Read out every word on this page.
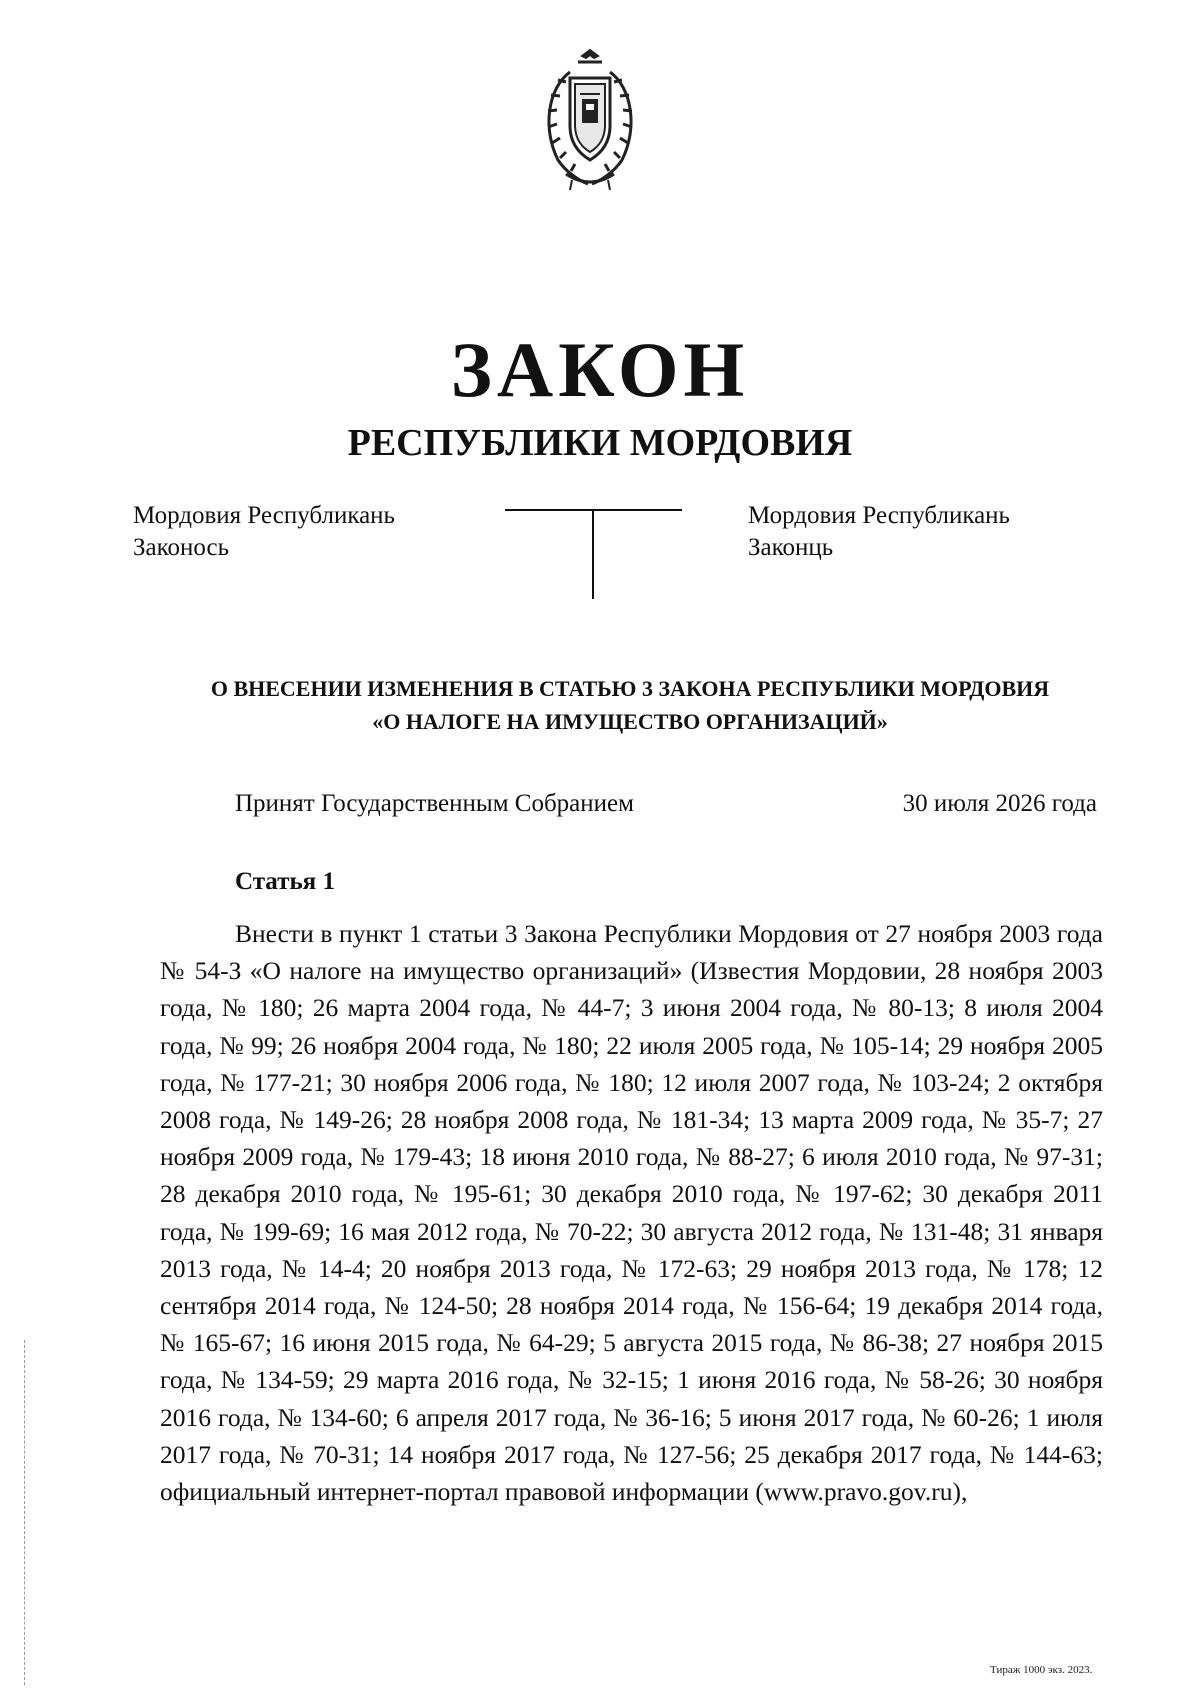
ЗАКОН
РЕСПУБЛИКИ МОРДОВИЯ
Мордовия Республикань
Законось
Мордовия Республикань
Законць
О ВНЕСЕНИИ ИЗМЕНЕНИЯ В СТАТЬЮ 3 ЗАКОНА РЕСПУБЛИКИ МОРДОВИЯ
«О НАЛОГЕ НА ИМУЩЕСТВО ОРГАНИЗАЦИЙ»
Принят Государственным Собранием	30 июля 2026 года
Статья 1
Внести в пункт 1 статьи 3 Закона Республики Мордовия от 27 ноября 2003 года № 54-З «О налоге на имущество организаций» (Известия Мордовии, 28 ноября 2003 года, № 180; 26 марта 2004 года, № 44-7; 3 июня 2004 года, № 80-13; 8 июля 2004 года, № 99; 26 ноября 2004 года, № 180; 22 июля 2005 года, № 105-14; 29 ноября 2005 года, № 177-21; 30 ноября 2006 года, № 180; 12 июля 2007 года, № 103-24; 2 октября 2008 года, № 149-26; 28 ноября 2008 года, № 181-34; 13 марта 2009 года, № 35-7; 27 ноября 2009 года, № 179-43; 18 июня 2010 года, № 88-27; 6 июля 2010 года, № 97-31; 28 декабря 2010 года, № 195-61; 30 декабря 2010 года, № 197-62; 30 декабря 2011 года, № 199-69; 16 мая 2012 года, № 70-22; 30 августа 2012 года, № 131-48; 31 января 2013 года, № 14-4; 20 ноября 2013 года, № 172-63; 29 ноября 2013 года, № 178; 12 сентября 2014 года, № 124-50; 28 ноября 2014 года, № 156-64; 19 декабря 2014 года, № 165-67; 16 июня 2015 года, № 64-29; 5 августа 2015 года, № 86-38; 27 ноября 2015 года, № 134-59; 29 марта 2016 года, № 32-15; 1 июня 2016 года, № 58-26; 30 ноября 2016 года, № 134-60; 6 апреля 2017 года, № 36-16; 5 июня 2017 года, № 60-26; 1 июля 2017 года, № 70-31; 14 ноября 2017 года, № 127-56; 25 декабря 2017 года, № 144-63; официальный интернет-портал правовой информации (www.pravo.gov.ru),
Тираж 1000 экз. 2023.
